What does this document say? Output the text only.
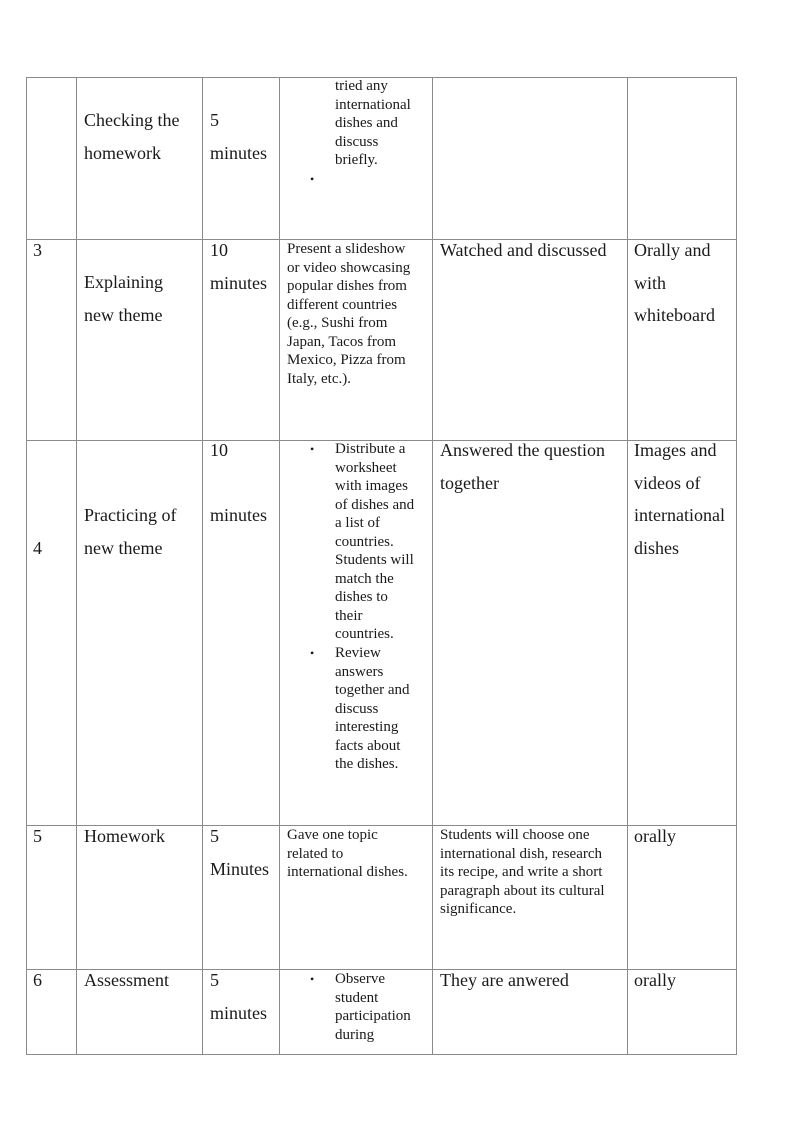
Checking the
homework
5
minutes
tried any
international
dishes and
discuss
briefly.
•
3
Explaining
new theme
10
minutes
Present a slideshow
or video showcasing
popular dishes from
different countries
(e.g., Sushi from
Japan, Tacos from
Mexico, Pizza from
Italy, etc.).
Watched and discussed Orally and
with
whiteboard
4
Practicing of
new theme
10
minutes
• Distribute a
worksheet
with images
of dishes and
a list of
countries.
Students will
match the
dishes to
their
countries.
• Review
answers
together and
discuss
interesting
facts about
the dishes.
Answered the question
together
Images and
videos of
international
dishes
5 Homework	5
Minutes
Gave one topic
related to
international dishes.
Students will choose one
international dish, research
its recipe, and write a short
paragraph about its cultural
significance.
orally
6 Assessment 5
minutes
• Observe
student
participation
during
They are anwered	orally
